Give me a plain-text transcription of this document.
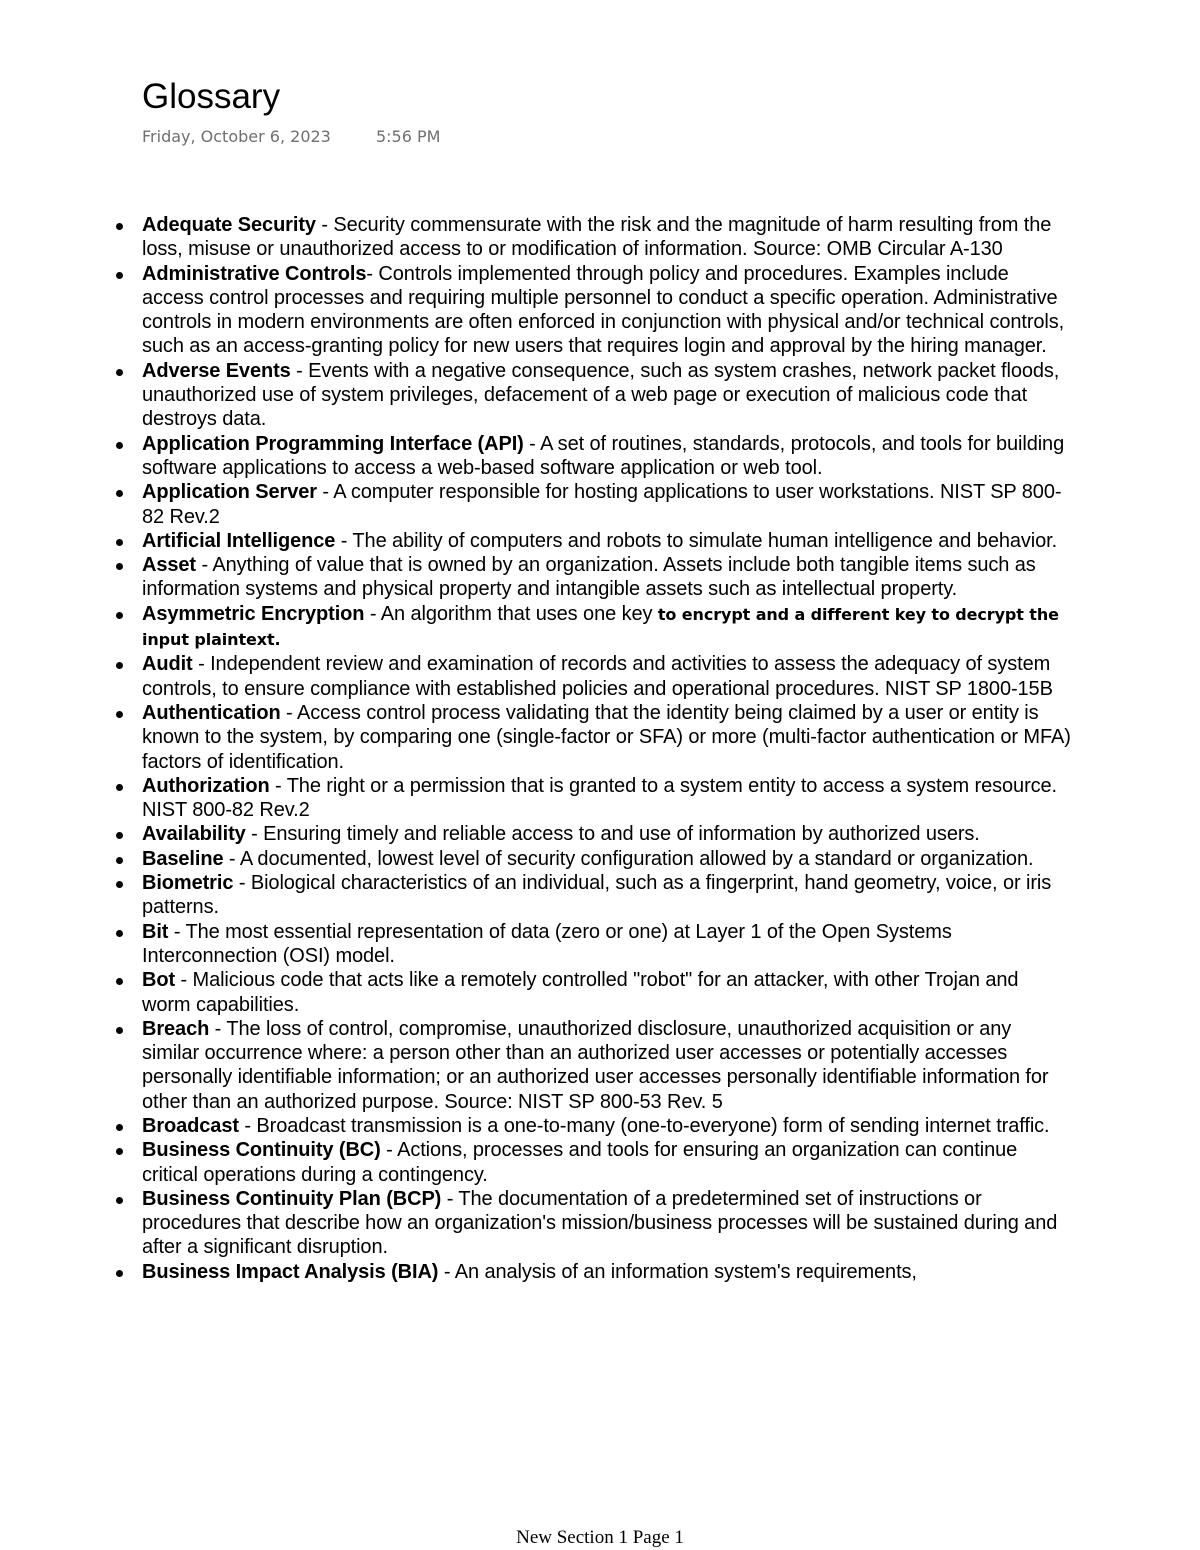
Glossary
Friday, October 6, 2023	5:56 PM
Adequate Security - Security commensurate with the risk and the magnitude of harm resulting from the loss, misuse or unauthorized access to or modification of information. Source: OMB Circular A-130
Administrative Controls- Controls implemented through policy and procedures. Examples include access control processes and requiring multiple personnel to conduct a specific operation. Administrative controls in modern environments are often enforced in conjunction with physical and/or technical controls, such as an access-granting policy for new users that requires login and approval by the hiring manager.
Adverse Events - Events with a negative consequence, such as system crashes, network packet floods, unauthorized use of system privileges, defacement of a web page or execution of malicious code that destroys data.
Application Programming Interface (API) - A set of routines, standards, protocols, and tools for building software applications to access a web-based software application or web tool.
Application Server - A computer responsible for hosting applications to user workstations. NIST SP 800-82 Rev.2
Artificial Intelligence - The ability of computers and robots to simulate human intelligence and behavior.
Asset - Anything of value that is owned by an organization. Assets include both tangible items such as information systems and physical property and intangible assets such as intellectual property.
Asymmetric Encryption - An algorithm that uses one key to encrypt and a different key to decrypt the input plaintext.
Audit - Independent review and examination of records and activities to assess the adequacy of system controls, to ensure compliance with established policies and operational procedures. NIST SP 1800-15B
Authentication - Access control process validating that the identity being claimed by a user or entity is known to the system, by comparing one (single-factor or SFA) or more (multi-factor authentication or MFA) factors of identification.
Authorization - The right or a permission that is granted to a system entity to access a system resource. NIST 800-82 Rev.2
Availability - Ensuring timely and reliable access to and use of information by authorized users.
Baseline - A documented, lowest level of security configuration allowed by a standard or organization.
Biometric - Biological characteristics of an individual, such as a fingerprint, hand geometry, voice, or iris patterns.
Bit - The most essential representation of data (zero or one) at Layer 1 of the Open Systems Interconnection (OSI) model.
Bot - Malicious code that acts like a remotely controlled "robot" for an attacker, with other Trojan and worm capabilities.
Breach - The loss of control, compromise, unauthorized disclosure, unauthorized acquisition or any similar occurrence where: a person other than an authorized user accesses or potentially accesses personally identifiable information; or an authorized user accesses personally identifiable information for other than an authorized purpose. Source: NIST SP 800-53 Rev. 5
Broadcast - Broadcast transmission is a one-to-many (one-to-everyone) form of sending internet traffic.
Business Continuity (BC) - Actions, processes and tools for ensuring an organization can continue critical operations during a contingency.
Business Continuity Plan (BCP) - The documentation of a predetermined set of instructions or procedures that describe how an organization's mission/business processes will be sustained during and after a significant disruption.
Business Impact Analysis (BIA) - An analysis of an information system's requirements,
New Section 1 Page 1
